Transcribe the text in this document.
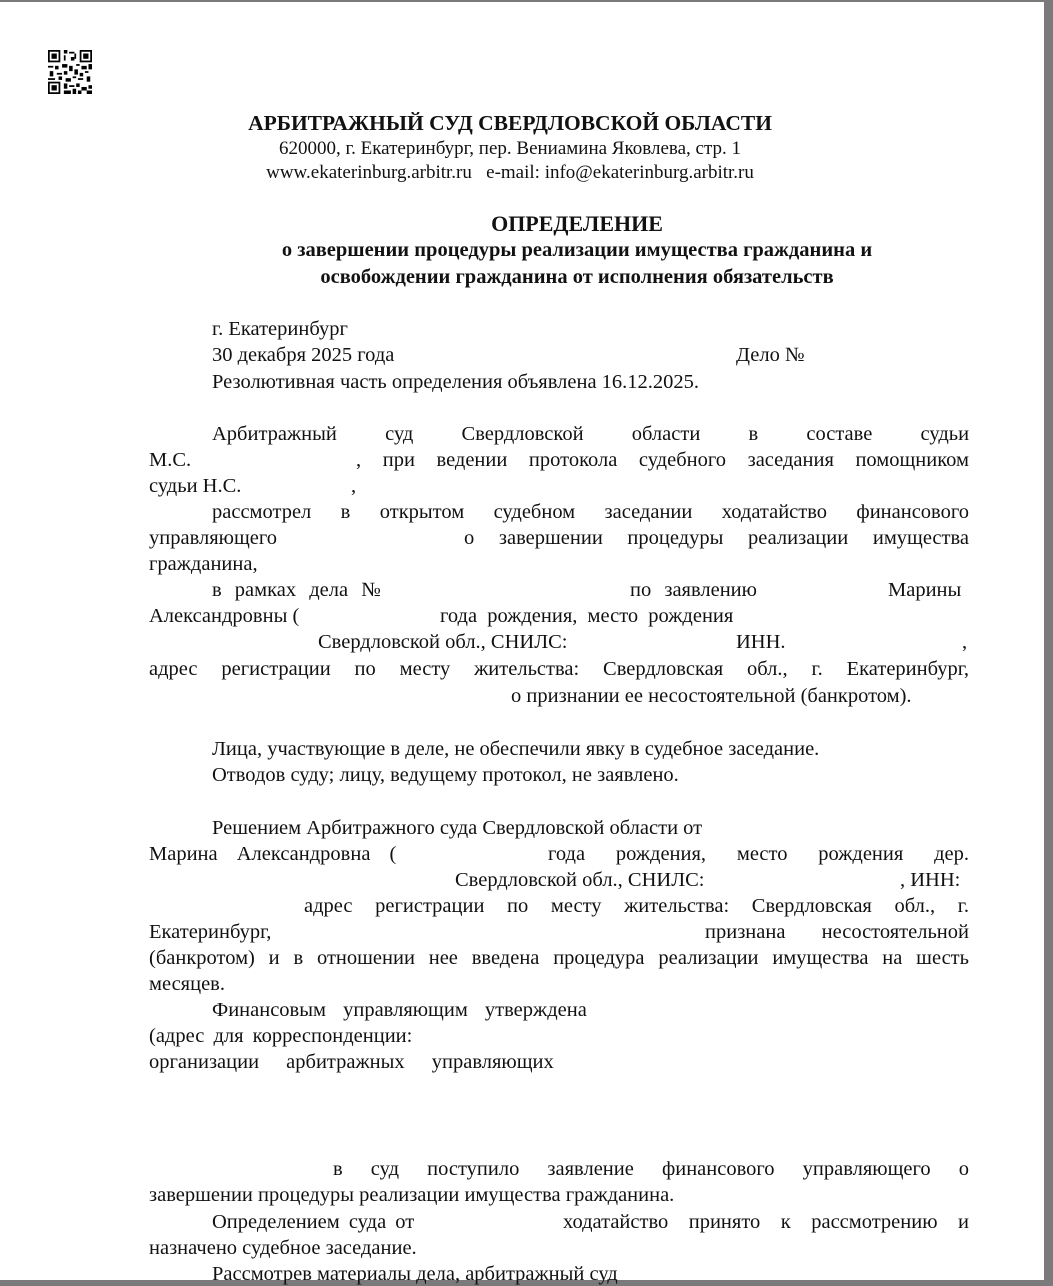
АРБИТРАЖНЫЙ СУД СВЕРДЛОВСКОЙ ОБЛАСТИ
620000, г. Екатеринбург, пер. Вениамина Яковлева, стр. 1
www.ekaterinburg.arbitr.ru   e-mail: info@ekaterinburg.arbitr.ru
ОПРЕДЕЛЕНИЕ
о завершении процедуры реализации имущества гражданина и
освобождении гражданина от исполнения обязательств
г. Екатеринбург
30 декабря 2025 года	Дело №
Резолютивная часть определения объявлена 16.12.2025.
Арбитражный суд Свердловской области в составе судьи
М.С.	, при ведении протокола судебного заседания помощником
судьи Н.С.	,
рассмотрел в открытом судебном заседании ходатайство финансового
управляющего	о завершении процедуры реализации имущества
гражданина,
в рамках дела №	по заявлению	Марины
Александровны (	года рождения, место рождения
Свердловской обл., СНИЛС:	ИНН.	,
адрес регистрации по месту жительства: Свердловская обл., г. Екатеринбург,
о признании ее несостоятельной (банкротом).
Лица, участвующие в деле, не обеспечили явку в судебное заседание.
Отводов суду; лицу, ведущему протокол, не заявлено.
Решением Арбитражного суда Свердловской области от
Марина Александровна (	года рождения, место рождения дер.
Свердловской обл., СНИЛС:	, ИНН:
адрес регистрации по месту жительства: Свердловская обл., г.
Екатеринбург,	признана несостоятельной
(банкротом) и в отношении нее введена процедура реализации имущества на шесть
месяцев.
Финансовым управляющим утверждена
(адрес для корреспонденции:
организации арбитражных управляющих
в суд поступило заявление финансового управляющего о
завершении процедуры реализации имущества гражданина.
Определением суда от	ходатайство принято к рассмотрению и
назначено судебное заседание.
Рассмотрев материалы дела, арбитражный суд
